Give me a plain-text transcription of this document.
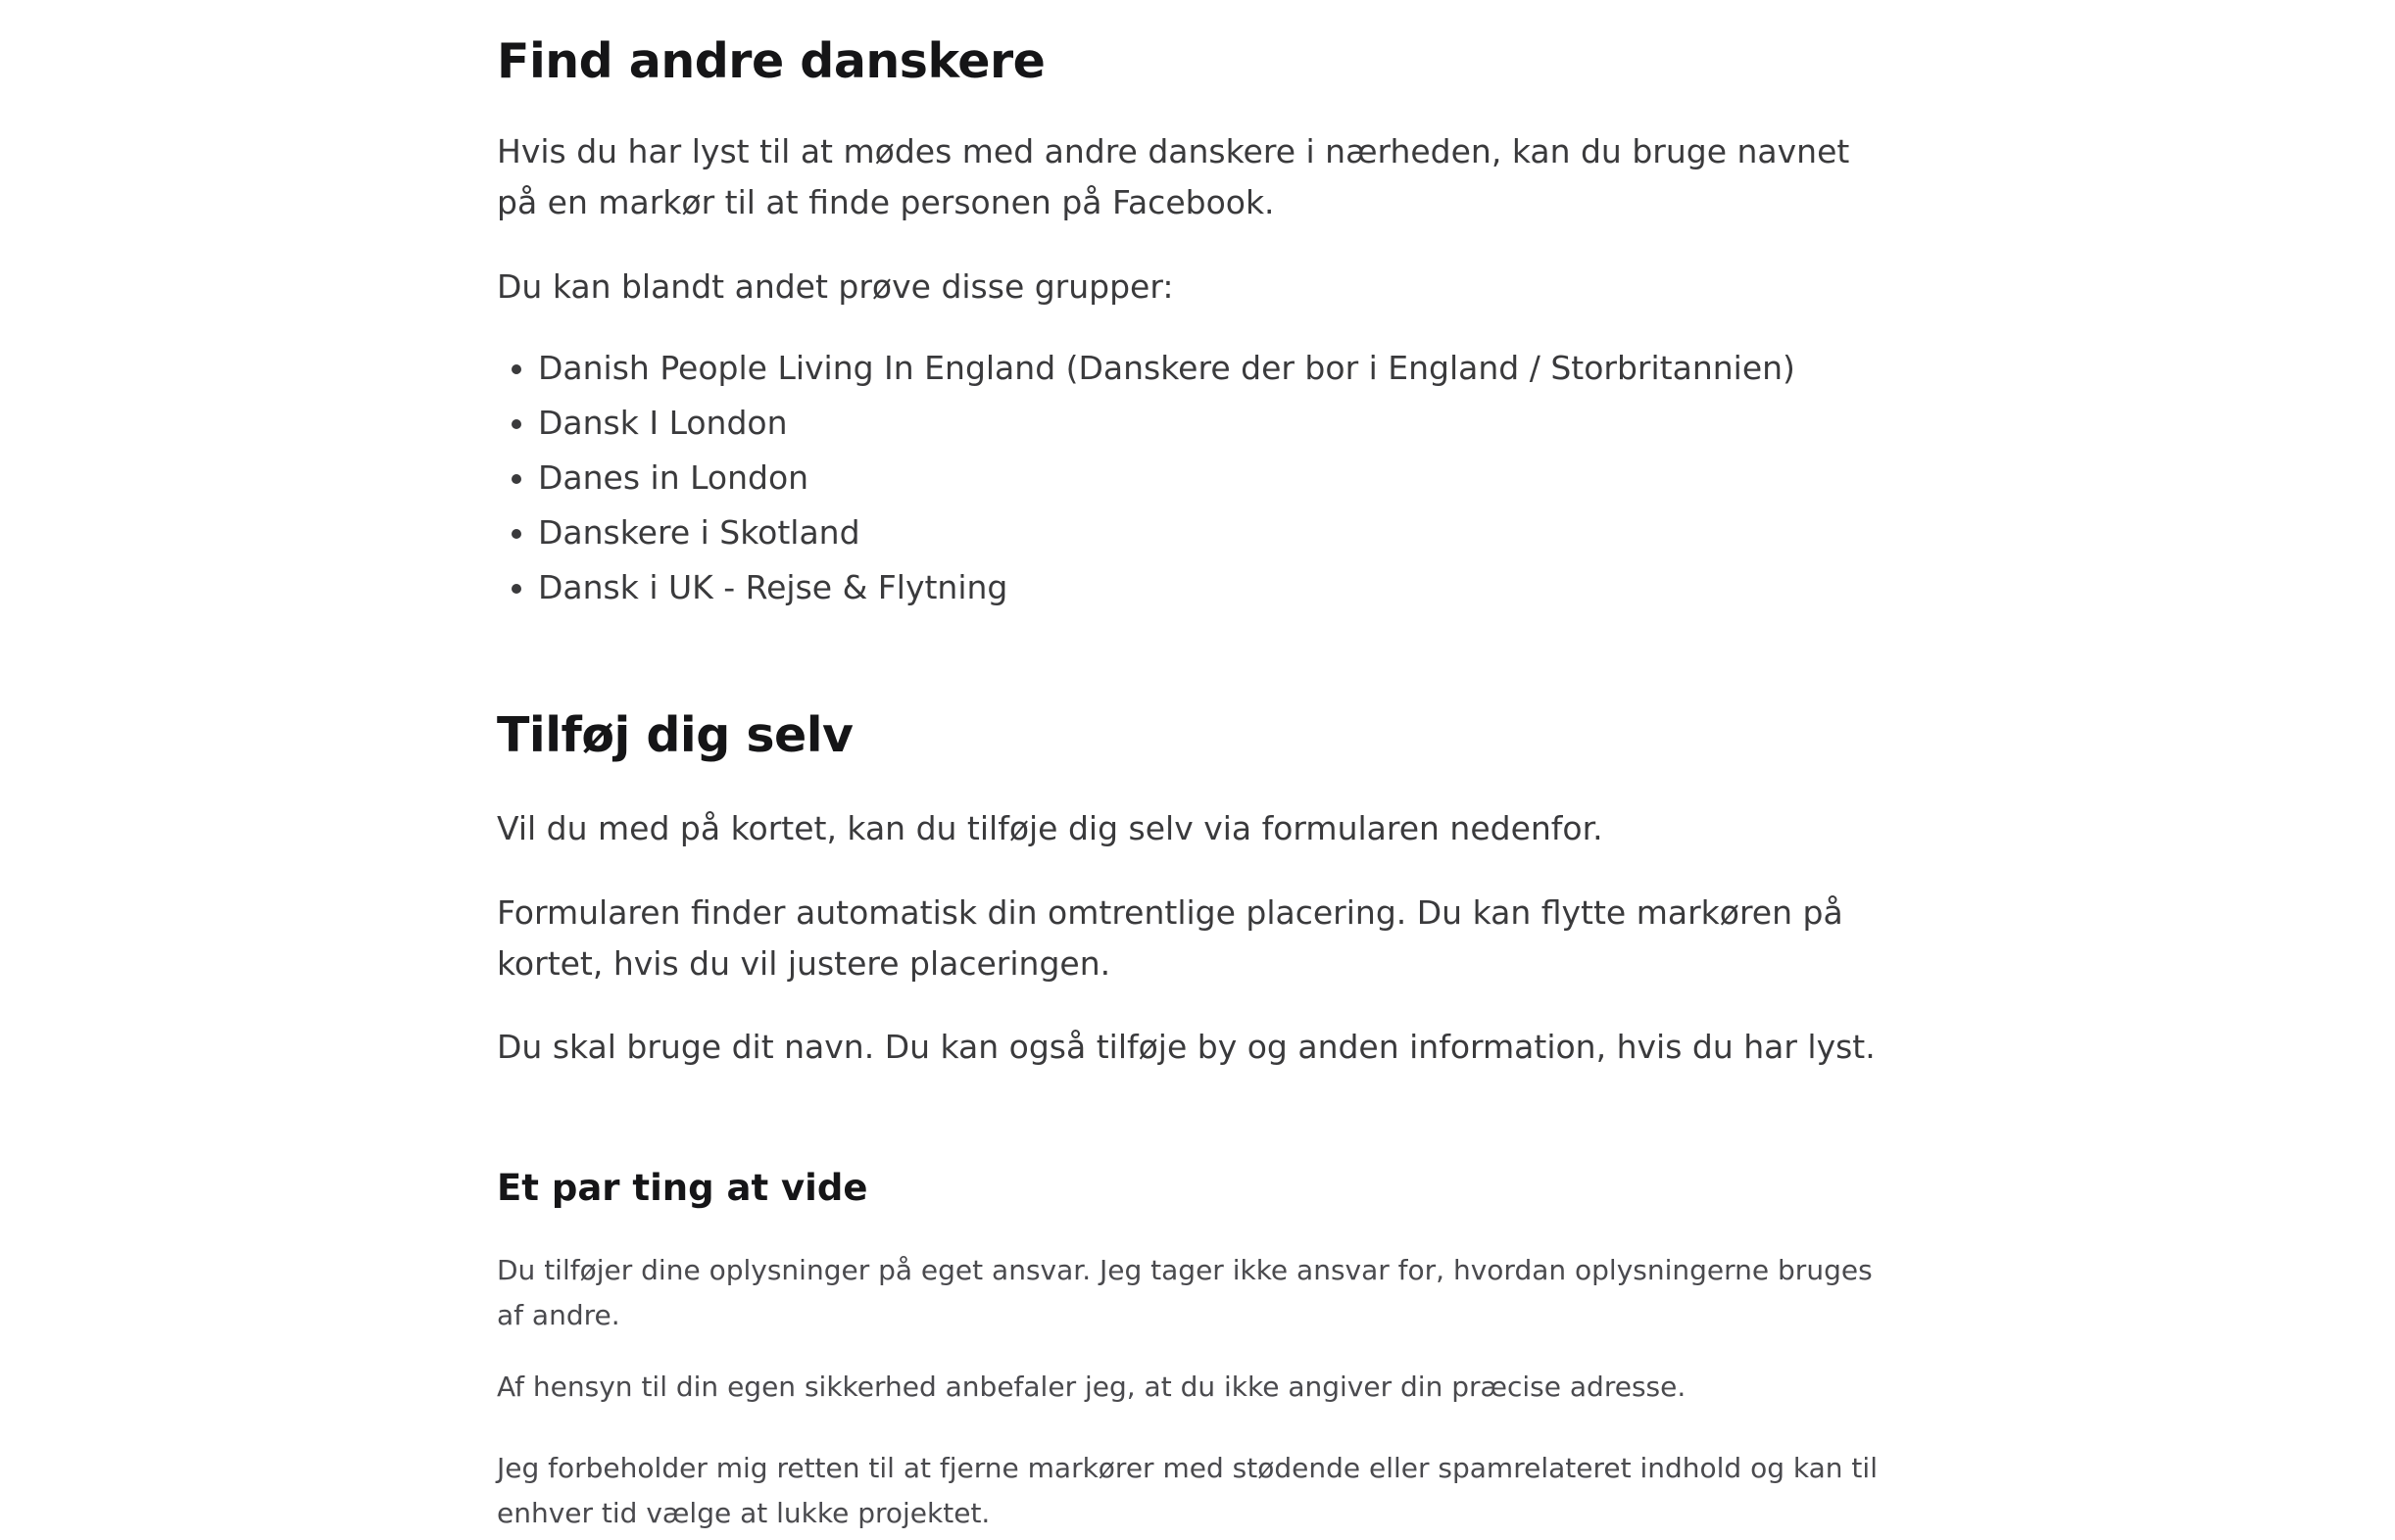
Find andre danskere

Hvis du har lyst til at mødes med andre danskere i nærheden, kan du bruge navnet på en markør til at finde personen på Facebook.

Du kan blandt andet prøve disse grupper:

• Danish People Living In England (Danskere der bor i England / Storbritannien)
• Dansk I London
• Danes in London
• Danskere i Skotland
• Dansk i UK - Rejse & Flytning
Tilføj dig selv

Vil du med på kortet, kan du tilføje dig selv via formularen nedenfor.

Formularen finder automatisk din omtrentlige placering. Du kan flytte markøren på kortet, hvis du vil justere placeringen.

Du skal bruge dit navn. Du kan også tilføje by og anden information, hvis du har lyst.

Et par ting at vide

Du tilføjer dine oplysninger på eget ansvar. Jeg tager ikke ansvar for, hvordan oplysningerne bruges af andre.

Af hensyn til din egen sikkerhed anbefaler jeg, at du ikke angiver din præcise adresse.

Jeg forbeholder mig retten til at fjerne markører med stødende eller spamrelateret indhold og kan til enhver tid vælge at lukke projektet.
